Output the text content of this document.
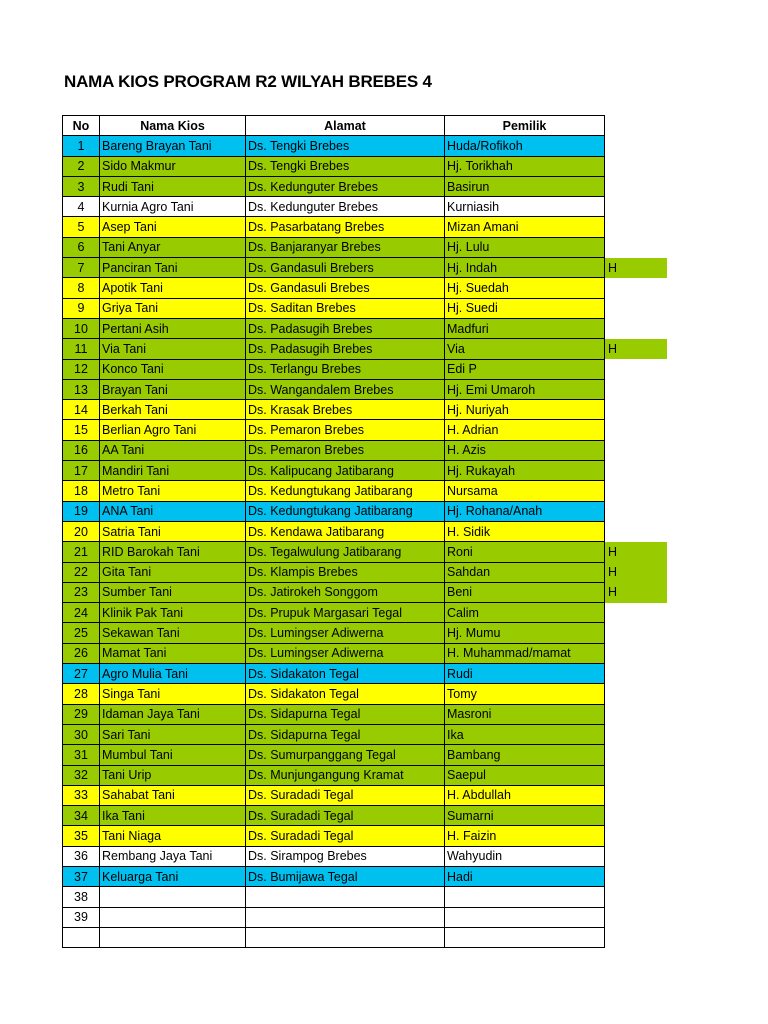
NAMA KIOS PROGRAM R2 WILYAH BREBES 4
No	Nama Kios	Alamat	Pemilik	
1	Bareng Brayan Tani	Ds. Tengki Brebes	Huda/Rofikoh	
2	Sido Makmur	Ds. Tengki Brebes	Hj. Torikhah	
3	Rudi Tani	Ds. Kedunguter Brebes	Basirun	
4	Kurnia Agro Tani	Ds. Kedunguter Brebes	Kurniasih	
5	Asep Tani	Ds. Pasarbatang Brebes	Mizan Amani	
6	Tani Anyar	Ds. Banjaranyar Brebes	Hj. Lulu	
7	Panciran Tani	Ds. Gandasuli Brebers	Hj. Indah	H
8	Apotik Tani	Ds. Gandasuli Brebes	Hj. Suedah	
9	Griya Tani	Ds. Saditan Brebes	Hj. Suedi	
10	Pertani Asih	Ds. Padasugih Brebes	Madfuri	
11	Via Tani	Ds. Padasugih Brebes	Via	H
12	Konco Tani	Ds. Terlangu Brebes	Edi P	
13	Brayan Tani	Ds. Wangandalem Brebes	Hj. Emi Umaroh	
14	Berkah Tani	Ds. Krasak Brebes	Hj. Nuriyah	
15	Berlian Agro Tani	Ds. Pemaron Brebes	H. Adrian	
16	AA Tani	Ds. Pemaron Brebes	H. Azis	
17	Mandiri Tani	Ds. Kalipucang Jatibarang	Hj. Rukayah	
18	Metro Tani	Ds. Kedungtukang Jatibarang	Nursama	
19	ANA Tani	Ds. Kedungtukang Jatibarang	Hj. Rohana/Anah	
20	Satria Tani	Ds. Kendawa Jatibarang	H. Sidik	
21	RID Barokah Tani	Ds. Tegalwulung Jatibarang	Roni	H
22	Gita Tani	Ds. Klampis Brebes	Sahdan	H
23	Sumber Tani	Ds. Jatirokeh Songgom	Beni	H
24	Klinik Pak Tani	Ds. Prupuk Margasari Tegal	Calim	
25	Sekawan Tani	Ds. Lumingser Adiwerna	Hj. Mumu	
26	Mamat Tani	Ds. Lumingser Adiwerna	H. Muhammad/mamat	
27	Agro Mulia Tani	Ds. Sidakaton Tegal	Rudi	
28	Singa Tani	Ds. Sidakaton Tegal	Tomy	
29	Idaman Jaya Tani	Ds. Sidapurna Tegal	Masroni	
30	Sari Tani	Ds. Sidapurna Tegal	Ika	
31	Mumbul Tani	Ds. Sumurpanggang Tegal	Bambang	
32	Tani Urip	Ds. Munjungangung Kramat	Saepul	
33	Sahabat Tani	Ds. Suradadi Tegal	H. Abdullah	
34	Ika Tani	Ds. Suradadi Tegal	Sumarni	
35	Tani Niaga	Ds. Suradadi Tegal	H. Faizin	
36	Rembang Jaya Tani	Ds. Sirampog Brebes	Wahyudin	
37	Keluarga Tani	Ds. Bumijawa Tegal	Hadi	
38				
39				
